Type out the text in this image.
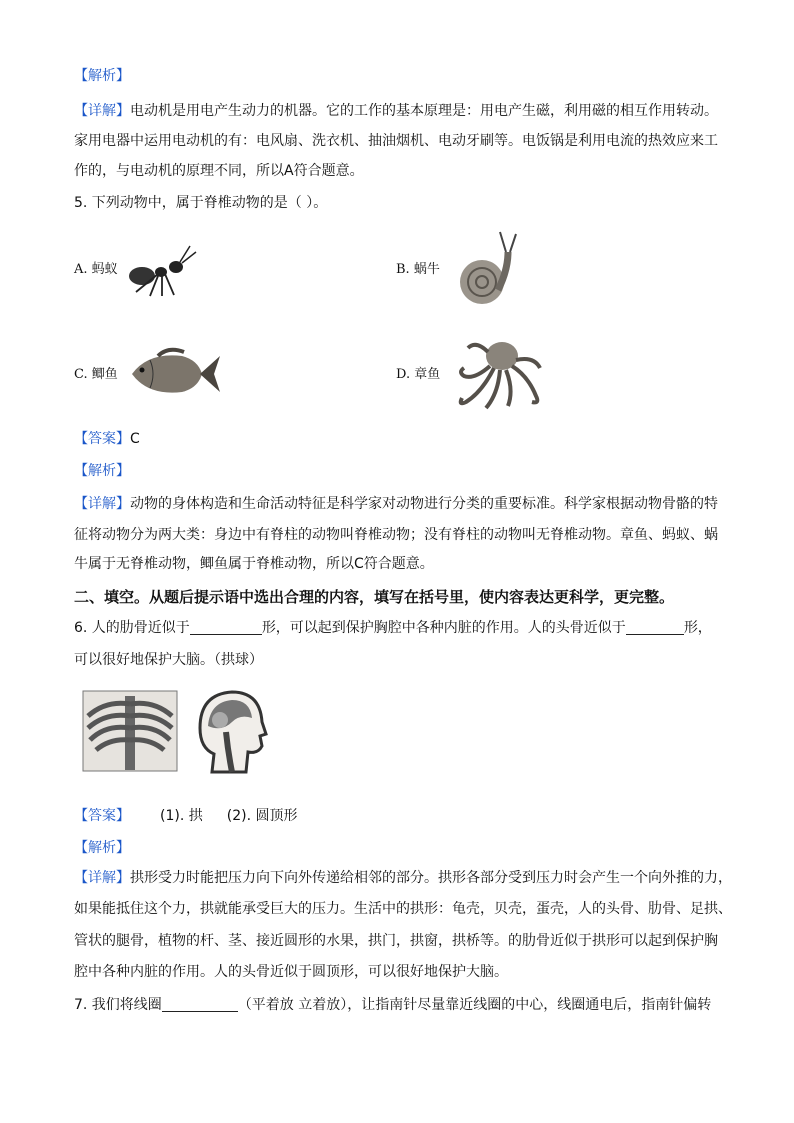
【解析】
【详解】电动机是用电产生动力的机器。它的工作的基本原理是：用电产生磁，利用磁的相互作用转动。
家用电器中运用电动机的有：电风扇、洗衣机、抽油烟机、电动牙刷等。电饭锅是利用电流的热效应来工
作的，与电动机的原理不同，所以A符合题意。
5. 下列动物中，属于脊椎动物的是（ ）。
A. 蚂蚁	B. 蜗牛
C. 鲫鱼	D. 章鱼
【答案】C
【解析】
【详解】动物的身体构造和生命活动特征是科学家对动物进行分类的重要标准。科学家根据动物骨骼的特
征将动物分为两大类：身边中有脊柱的动物叫脊椎动物；没有脊柱的动物叫无脊椎动物。章鱼、蚂蚁、蜗
牛属于无脊椎动物，鲫鱼属于脊椎动物，所以C符合题意。
二、填空。从题后提示语中选出合理的内容，填写在括号里，使内容表达更科学，更完整。
6. 人的肋骨近似于	形，可以起到保护胸腔中各种内脏的作用。人的头骨近似于	形，
可以很好地保护大脑。（拱球）
【答案】 (1). 拱 (2). 圆顶形
【解析】
【详解】拱形受力时能把压力向下向外传递给相邻的部分。拱形各部分受到压力时会产生一个向外推的力，
如果能抵住这个力，拱就能承受巨大的压力。生活中的拱形：龟壳，贝壳，蛋壳，人的头骨、肋骨、足拱、
管状的腿骨，植物的杆、茎、接近圆形的水果，拱门，拱窗，拱桥等。的肋骨近似于拱形可以起到保护胸
腔中各种内脏的作用。人的头骨近似于圆顶形，可以很好地保护大脑。
7. 我们将线圈	（平着放 立着放），让指南针尽量靠近线圈的中心，线圈通电后，指南针偏转
